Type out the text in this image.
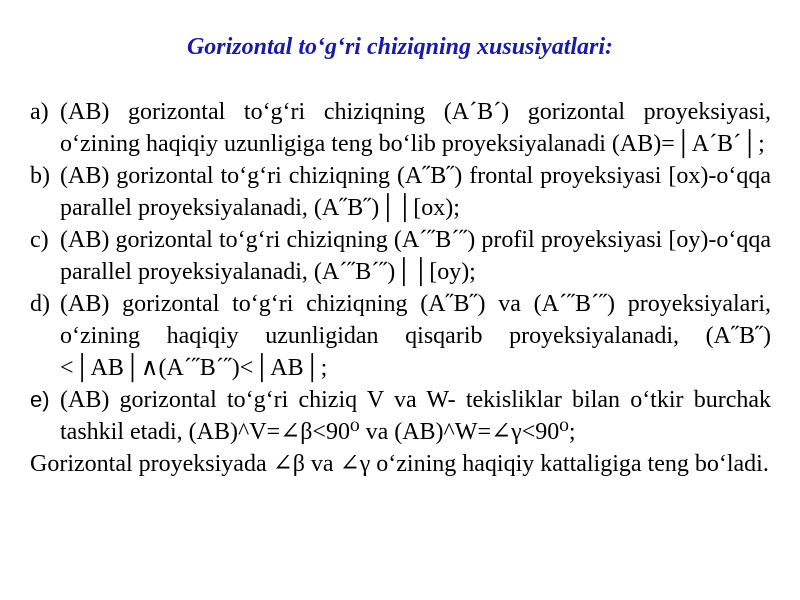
Gorizontal to‘g‘ri chiziqning xususiyatlari:
a) (AB) gorizontal to‘g‘ri chiziqning (A´B´) gorizontal proyeksiyasi, o‘zining haqiqiy uzunligiga teng bo‘lib proyeksiyalanadi (AB)=│A´B´│;
b) (AB) gorizontal to‘g‘ri chiziqning (A˝B˝) frontal proyeksiyasi [ox)-o‘qqa parallel proyeksiyalanadi, (A˝B˝)││[ox);
c) (AB) gorizontal to‘g‘ri chiziqning (A´˝B´˝) profil proyeksiyasi [oy)-o‘qqa parallel proyeksiyalanadi, (A´˝B´˝)││[oy);
d) (AB) gorizontal to‘g‘ri chiziqning (A˝B˝) va (A´˝B´˝) proyeksiyalari, o‘zining haqiqiy uzunligidan qisqarib proyeksiyalanadi, (A˝B˝)<│AB│∧(A´˝B´˝)<│AB│;
e) (AB) gorizontal to‘g‘ri chiziq V va W- tekisliklar bilan o‘tkir burchak tashkil etadi, (AB)^V=∠β<90⁰ va (AB)^W=∠γ<90⁰;
Gorizontal proyeksiyada ∠β va ∠γ o‘zining haqiqiy kattaligiga teng bo‘ladi.
